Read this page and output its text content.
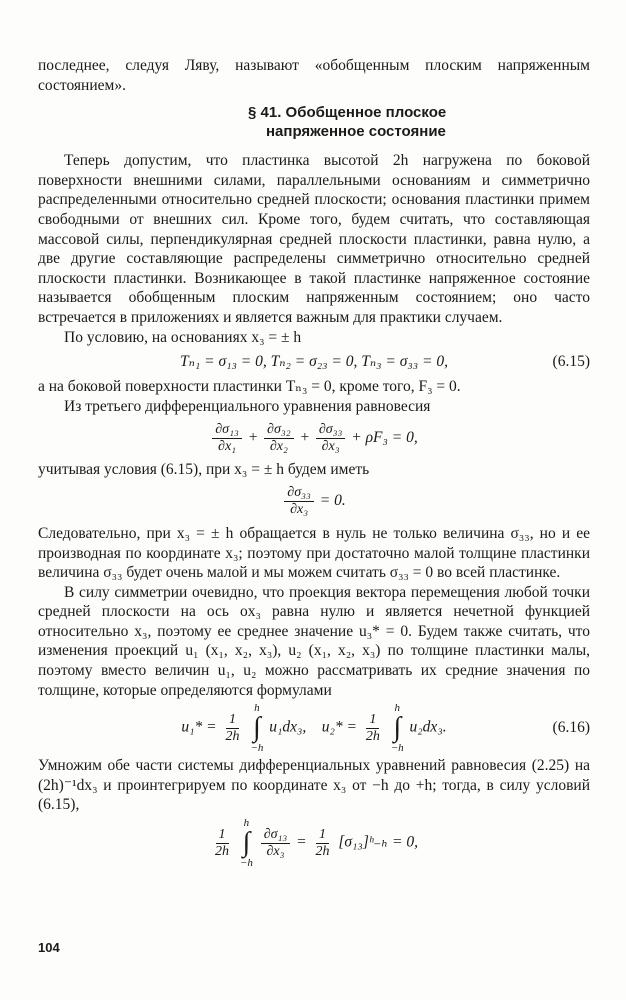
последнее, следуя Ляву, называют «обобщенным плоским напряженным состоянием».

§ 41. Обобщенное плоское
напряженное состояние

Теперь допустим, что пластинка высотой 2h нагружена по боковой поверхности внешними силами, параллельными основаниям и симметрично распределенными относительно средней плоскости; основания пластинки примем свободными от внешних сил. Кроме того, будем считать, что составляющая массовой силы, перпендикулярная средней плоскости пластинки, равна нулю, а две другие составляющие распределены симметрично относительно средней плоскости пластинки. Возникающее в такой пластинке напряженное состояние называется обобщенным плоским напряженным состоянием; оно часто встречается в приложениях и является важным для практики случаем.

По условию, на основаниях x₃ = ± h

Tₙ₁ = σ₁₃ = 0, Tₙ₂ = σ₂₃ = 0, Tₙ₃ = σ₃₃ = 0,	(6.15)

а на боковой поверхности пластинки Tₙ₃ = 0, кроме того, F₃ = 0.

Из третьего дифференциального уравнения равновесия

$\frac{\text{∂σ₁₃}}{\text{∂x₁}} + \frac{\text{∂σ₃₂}}{\text{∂x₂}} + \frac{\text{∂σ₃₃}}{\text{∂x₃}} + \rho F_3 = 0$,

учитывая условия (6.15), при x₃ = ± h будем иметь

$\frac{\text{∂σ₃₃}}{\text{∂x₃}} = 0$.

Следовательно, при x₃ = ± h обращается в нуль не только величина σ₃₃, но и ее производная по координате x₃; поэтому при достаточно малой толщине пластинки величина σ₃₃ будет очень малой и мы можем считать σ₃₃ = 0 во всей пластинке.

В силу симметрии очевидно, что проекция вектора перемещения любой точки средней плоскости на ось ox₃ равна нулю и является нечетной функцией относительно x₃, поэтому ее среднее значение u₃* = 0. Будем также считать, что изменения проекций u₁ (x₁, x₂, x₃), u₂ (x₁, x₂, x₃) по толщине пластинки малы, поэтому вместо величин u₁, u₂ можно рассматривать их средние значения по толщине, которые определяются формулами

$u_1* = \frac{1}{2h}$

h
∫
−h
u₁dx₃, $u_2* = \frac{1}{2h}$

h
∫
−h
u₂dx₃.	(6.16)

Умножим обе части системы дифференциальных уравнений равновесия (2.25) на (2h)⁻¹dx₃ и проинтегрируем по координате x₃ от −h до +h; тогда, в силу условий (6.15),

$\frac{1}{2h}$

h
∫
−h

$\frac{\text{∂σ₁₃}}{\text{∂x₃}} = \frac{1}{2h}$ [σ₁₃]ʰ₋ₕ = 0,
104
